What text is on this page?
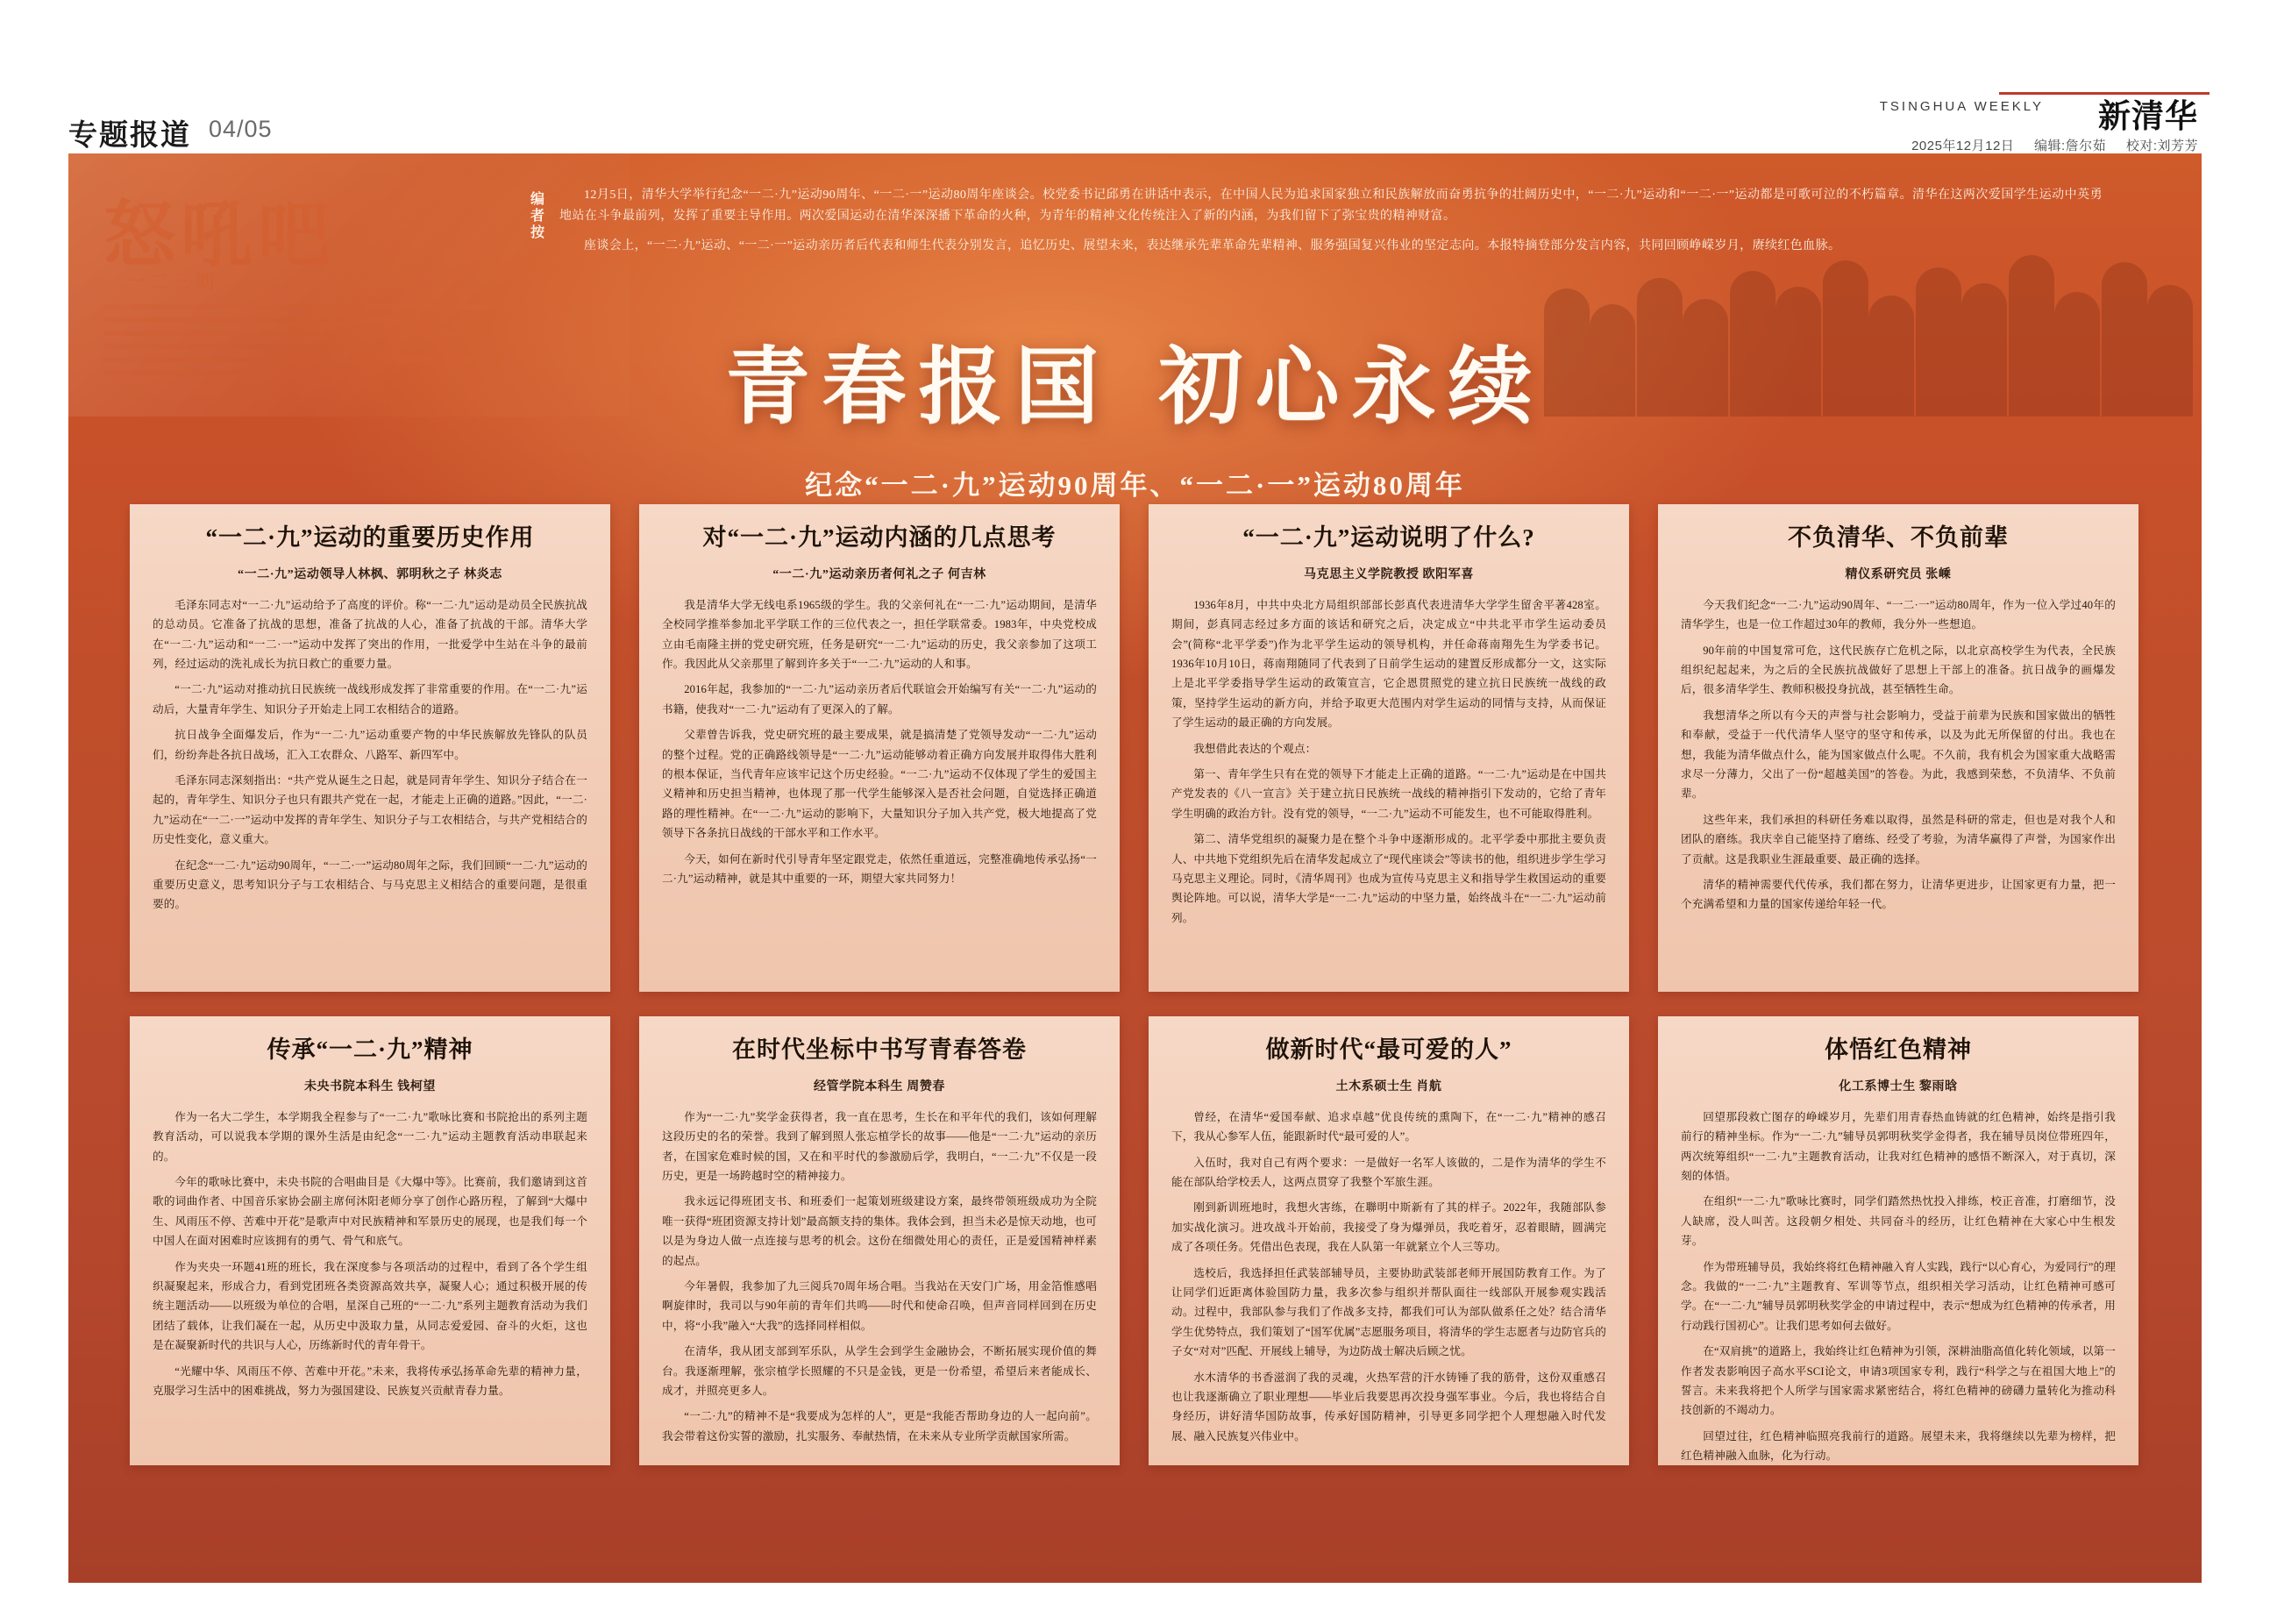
专题报道 04/05
TSINGHUA WEEKLY 新清华
2025年12月12日 编辑:詹尔茹 校对:刘芳芳
怒吼吧
一二三期
编者按

12月5日，清华大学举行纪念“一二·九”运动90周年、“一二·一”运动80周年座谈会。校党委书记邱勇在讲话中表示，在中国人民为追求国家独立和民族解放而奋勇抗争的壮阔历史中，“一二·九”运动和“一二·一”运动都是可歌可泣的不朽篇章。清华在这两次爱国学生运动中英勇地站在斗争最前列，发挥了重要主导作用。两次爱国运动在清华深深播下革命的火种，为青年的精神文化传统注入了新的内涵，为我们留下了弥宝贵的精神财富。

座谈会上，“一二·九”运动、“一二·一”运动亲历者后代表和师生代表分别发言，追忆历史、展望未来，表达继承先辈革命先辈精神、服务强国复兴伟业的坚定志向。本报特摘登部分发言内容，共同回顾峥嵘岁月，赓续红色血脉。

青春报国 初心永续
纪念“一二·九”运动90周年、“一二·一”运动80周年
“一二·九”运动的重要历史作用
“一二·九”运动领导人林枫、郭明秋之子 林炎志

毛泽东同志对“一二·九”运动给予了高度的评价。称“一二·九”运动是动员全民族抗战的总动员。它准备了抗战的思想，准备了抗战的人心，准备了抗战的干部。清华大学在“一二·九”运动和“一二·一”运动中发挥了突出的作用，一批爱学中生站在斗争的最前列，经过运动的洗礼成长为抗日救亡的重要力量。

“一二·九”运动对推动抗日民族统一战线形成发挥了非常重要的作用。在“一二·九”运动后，大量青年学生、知识分子开始走上同工农相结合的道路。

抗日战争全面爆发后，作为“一二·九”运动重要产物的中华民族解放先锋队的队员们，纷纷奔赴各抗日战场，汇入工农群众、八路军、新四军中。

毛泽东同志深刻指出：“共产党从诞生之日起，就是同青年学生、知识分子结合在一起的，青年学生、知识分子也只有跟共产党在一起，才能走上正确的道路。”因此，“一二·九”运动在“一二·一”运动中发挥的青年学生、知识分子与工农相结合，与共产党相结合的历史性变化，意义重大。

在纪念“一二·九”运动90周年，“一二·一”运动80周年之际，我们回顾“一二·九”运动的重要历史意义，思考知识分子与工农相结合、与马克思主义相结合的重要问题，是很重要的。

对“一二·九”运动内涵的几点思考
“一二·九”运动亲历者何礼之子 何吉林

我是清华大学无线电系1965级的学生。我的父亲何礼在“一二·九”运动期间，是清华全校同学推举参加北平学联工作的三位代表之一，担任学联常委。1983年，中央党校成立由毛南隆主拼的党史研究班，任务是研究“一二·九”运动的历史，我父亲参加了这项工作。我因此从父亲那里了解到许多关于“一二·九”运动的人和事。

2016年起，我参加的“一二·九”运动亲历者后代联谊会开始编写有关“一二·九”运动的书籍，使我对“一二·九”运动有了更深入的了解。

父辈曾告诉我，党史研究班的最主要成果，就是搞清楚了党领导发动“一二·九”运动的整个过程。党的正确路线领导是“一二·九”运动能够动着正确方向发展并取得伟大胜利的根本保证，当代青年应该牢记这个历史经验。“一二·九”运动不仅体现了学生的爱国主义精神和历史担当精神，也体现了那一代学生能够深入是否社会问题，自觉选择正确道路的理性精神。在“一二·九”运动的影响下，大量知识分子加入共产党，极大地提高了党领导下各条抗日战线的干部水平和工作水平。

今天，如何在新时代引导青年坚定跟党走，依然任重道远，完整准确地传承弘扬“一二·九”运动精神，就是其中重要的一环，期望大家共同努力！

“一二·九”运动说明了什么?
马克思主义学院教授 欧阳军喜

1936年8月，中共中央北方局组织部部长彭真代表进清华大学学生留舍平著428室。期间，彭真同志经过多方面的该话和研究之后，决定成立“中共北平市学生运动委员会”(简称“北平学委”)作为北平学生运动的领导机构，并任命蒋南翔先生为学委书记。1936年10月10日，蒋南翔随同了代表到了日前学生运动的建置反形成都分一文，这实际上是北平学委指导学生运动的政策宣言，它企恩贯照党的建立抗日民族统一战线的政策，坚持学生运动的新方向，并给予取更大范围内对学生运动的同情与支持，从而保证了学生运动的最正确的方向发展。

我想借此表达的个观点：

第一、青年学生只有在党的领导下才能走上正确的道路。“一二·九”运动是在中国共产党发表的《八一宣言》关于建立抗日民族统一战线的精神指引下发动的，它给了青年学生明确的政治方针。没有党的领导，“一二·九”运动不可能发生，也不可能取得胜利。

第二、清华党组织的凝聚力是在整个斗争中逐渐形成的。北平学委中那批主要负责人、中共地下党组织先后在清华发起成立了“现代座谈会”等读书的他，组织进步学生学习马克思主义理论。同时，《清华周刊》也成为宣传马克思主义和指导学生救国运动的重要舆论阵地。可以说，清华大学是“一二·九”运动的中坚力量，始终战斗在“一二·九”运动前列。

不负清华、不负前辈
精仪系研究员 张嵊

今天我们纪念“一二·九”运动90周年、“一二·一”运动80周年，作为一位入学过40年的清华学生，也是一位工作超过30年的教师，我分外一些想追。

90年前的中国复常可危，这代民族存亡危机之际，以北京高校学生为代表，全民族组织纪起起来，为之后的全民族抗战做好了思想上干部上的准备。抗日战争的画爆发后，很多清华学生、教师积极投身抗战，甚至牺牲生命。

我想清华之所以有今天的声誉与社会影响力，受益于前辈为民族和国家做出的牺牲和奉献，受益于一代代清华人坚守的坚守和传承，以及为此无所保留的付出。我也在想，我能为清华做点什么，能为国家做点什么呢。不久前，我有机会为国家重大战略需求尽一分薄力，父出了一份“超越美国”的答卷。为此，我感到荣愁，不负清华、不负前辈。

这些年来，我们承担的科研任务难以取得，虽然是科研的常走，但也是对我个人和团队的磨练。我庆幸自己能坚持了磨练、经受了考验，为清华赢得了声誉，为国家作出了贡献。这是我职业生涯最重要、最正确的选择。

清华的精神需要代代传承，我们都在努力，让清华更进步，让国家更有力量，把一个充满希望和力量的国家传递给年轻一代。

传承“一二·九”精神
未央书院本科生 钱柯望

作为一名大二学生，本学期我全程参与了“一二·九”歌咏比赛和书院抢出的系列主题教育活动，可以说我本学期的课外生活是由纪念“一二·九”运动主题教育活动串联起来的。

今年的歌咏比赛中，未央书院的合唱曲目是《大爆中等》。比赛前，我们邀请到这首歌的词曲作者、中国音乐家协会副主席何沐阳老师分享了创作心路历程，了解到“大爆中生、风雨压不停、苦难中开花”是歌声中对民族精神和军景历史的展现，也是我们每一个中国人在面对困难时应该拥有的勇气、骨气和底气。

作为夹央一环题41班的班长，我在深度参与各项活动的过程中，看到了各个学生组织凝聚起来，形成合力，看到党团班各类资源高效共享，凝聚人心；通过积极开展的传统主题活动——以班级为单位的合唱，星深自己班的“一二·九”系列主题教育活动为我们团结了载体，让我们凝在一起，从历史中汲取力量，从同志爱爱园、奋斗的火炬，这也是在凝聚新时代的共识与人心，历练新时代的青年骨干。

“光耀中华、风雨压不停、苦难中开花。”未来，我将传承弘扬革命先辈的精神力量，克服学习生活中的困难挑战，努力为强国建设、民族复兴贡献青春力量。

在时代坐标中书写青春答卷
经管学院本科生 周赞春

作为“一二·九”奖学金获得者，我一直在思考，生长在和平年代的我们，该如何理解这段历史的名的荣誉。我到了解到照人张忘植学长的故事——他是“一二·九”运动的亲历者，在国家危难时候的国，又在和平时代的参激励后学，我明白，“一二·九”不仅是一段历史，更是一场跨越时空的精神接力。

我永远记得班团支书、和班委们一起策划班级建设方案，最终带领班级成功为全院唯一获得“班团资源支持计划”最高额支持的集体。我体会到，担当未必是惊天动地，也可以是为身边人做一点连接与思考的机会。这份在细微处用心的责任，正是爱国精神样素的起点。

今年暑假，我参加了九三阅兵70周年场合唱。当我站在天安门广场，用金箔惟感唱啊旋律时，我司以与90年前的青年们共鸣——时代和使命召唤，但声音同样回到在历史中，将“小我”融入“大我”的选择同样相似。

在清华，我从团支部到军乐队，从学生会到学生金融协会，不断拓展实现价值的舞台。我逐渐理解，张宗植学长照耀的不只是金钱，更是一份希望，希望后来者能成长、成才，并照亮更多人。

“一二·九”的精神不是“我要成为怎样的人”，更是“我能否帮助身边的人一起向前”。我会带着这份实誓的激励，扎实服务、奉献热情，在未来从专业所学贡献国家所需。

做新时代“最可爱的人”
土木系硕士生 肖航

曾经，在清华“爱国奉献、追求卓越”优良传统的熏陶下，在“一二·九”精神的感召下，我从心参军人伍，能跟新时代“最可爱的人”。

入伍时，我对自己有两个要求：一是做好一名军人该做的，二是作为清华的学生不能在部队给学校丢人，这两点贯穿了我整个军旅生涯。

刚到新训班地时，我想火害练，在聯明中斯新有了其的样子。2022年，我随部队参加实战化演习。进攻战斗开始前，我接受了身为爆弹员，我吃着牙，忍着眼睛，圆满完成了各项任务。凭借出色表现，我在人队第一年就紧立个人三等功。

选校后，我选择担任武装部辅导员，主要协助武装部老师开展国防教育工作。为了让同学们近距离体验国防力量，我多次参与组织并帮队面往一线部队开展参观实践活动。过程中，我部队参与我们了作战多支持，都我们可认为部队做系任之处？结合清华学生优势特点，我们策划了“国军优属”志愿服务项目，将清华的学生志愿者与边防官兵的子女“对对”匹配、开展线上辅导，为边防战士解决后顾之忧。

水木清华的书香滋润了我的灵魂，火热军营的汗水铸锤了我的筋骨，这份双重感召也让我逐渐确立了职业理想——毕业后我要思再次投身强军事业。今后，我也将结合自身经历，讲好清华国防故事，传承好国防精神，引导更多同学把个人理想融入时代发展、融入民族复兴伟业中。

体悟红色精神
化工系博士生 黎雨晗

回望那段救亡图存的峥嵘岁月，先辈们用青春热血铸就的红色精神，始终是指引我前行的精神坐标。作为“一二·九”辅导员郭明秋奖学金得者，我在辅导员岗位带班四年，两次统筹组织“一二·九”主题教育活动，让我对红色精神的感悟不断深入，对于真切，深刻的体悟。

在组织“一二·九”歌咏比赛时，同学们踏然热忱投入排练，校正音准，打磨细节，没人缺席，没人叫苦。这段朝夕相处、共同奋斗的经历，让红色精神在大家心中生根发芽。

作为带班辅导员，我始终将红色精神融入育人实践，践行“以心育心，为爱同行”的理念。我做的“一二·九”主题教育、军训等节点，组织相关学习活动，让红色精神可感可学。在“一二·九”辅导员郭明秋奖学金的申请过程中，表示“想成为红色精神的传承者，用行动践行国初心”。让我们思考如何去做好。

在“双肩挑”的道路上，我始终让红色精神为引领，深耕油脂高值化转化领域，以第一作者发表影响因子高水平SCI论文，申请3项国家专利，践行“科学之与在祖国大地上”的誓言。未来我将把个人所学与国家需求紧密结合，将红色精神的磅礴力量转化为推动科技创新的不竭动力。

回望过往，红色精神临照亮我前行的道路。展望未来，我将继续以先辈为榜样，把红色精神融入血脉，化为行动。
